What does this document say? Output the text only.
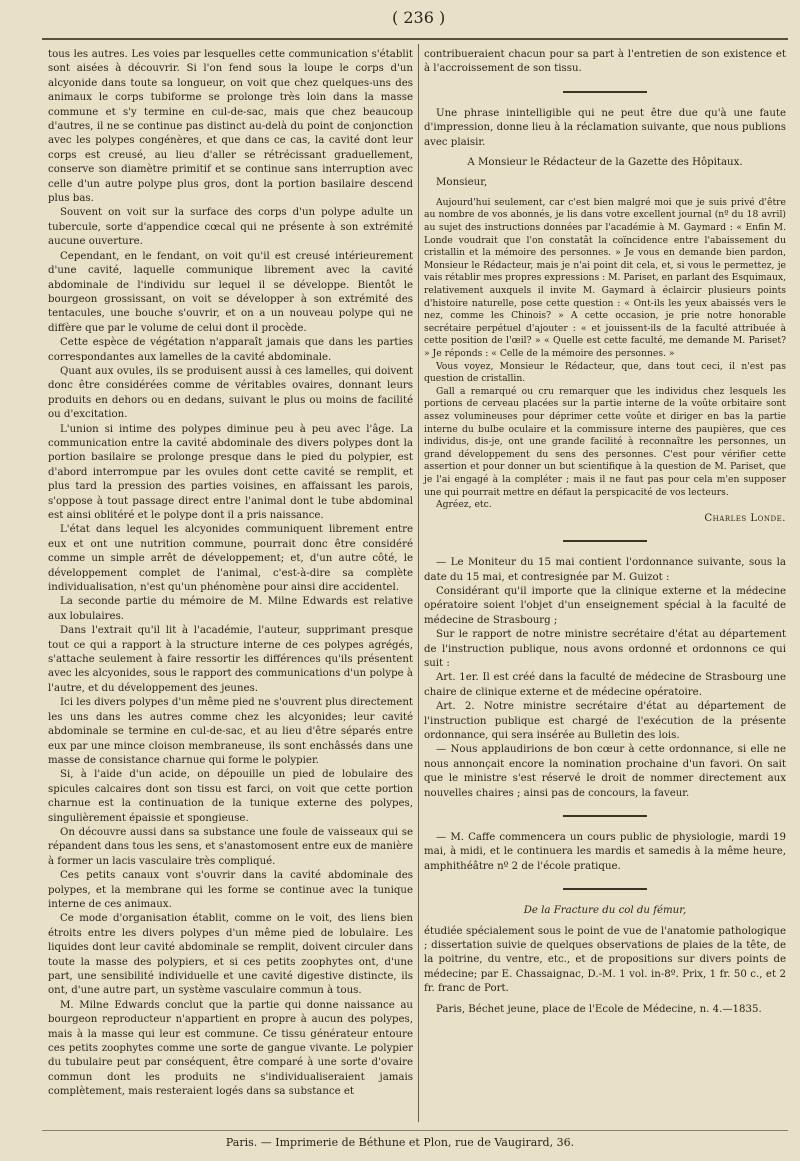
( 236 )

tous les autres. Les voies par lesquelles cette communication s'établit sont aisées à découvrir. Si l'on fend sous la loupe le corps d'un alcyonide dans toute sa longueur, on voit que chez quelques-uns des animaux le corps tubiforme se prolonge très loin dans la masse commune et s'y termine en cul-de-sac, mais que chez beaucoup d'autres, il ne se continue pas distinct au-delà du point de conjonction avec les polypes congénères, et que dans ce cas, la cavité dont leur corps est creusé, au lieu d'aller se rétrécissant graduellement, conserve son diamètre primitif et se continue sans interruption avec celle d'un autre polype plus gros, dont la portion basilaire descend plus bas.

Souvent on voit sur la surface des corps d'un polype adulte un tubercule, sorte d'appendice cœcal qui ne présente à son extrémité aucune ouverture.

Cependant, en le fendant, on voit qu'il est creusé intérieurement d'une cavité, laquelle communique librement avec la cavité abdominale de l'individu sur lequel il se développe. Bientôt le bourgeon grossissant, on voit se développer à son extrémité des tentacules, une bouche s'ouvrir, et on a un nouveau polype qui ne diffère que par le volume de celui dont il procède.

Cette espèce de végétation n'apparaît jamais que dans les parties correspondantes aux lamelles de la cavité abdominale.

Quant aux ovules, ils se produisent aussi à ces lamelles, qui doivent donc être considérées comme de véritables ovaires, donnant leurs produits en dehors ou en dedans, suivant le plus ou moins de facilité ou d'excitation.

L'union si intime des polypes diminue peu à peu avec l'âge. La communication entre la cavité abdominale des divers polypes dont la portion basilaire se prolonge presque dans le pied du polypier, est d'abord interrompue par les ovules dont cette cavité se remplit, et plus tard la pression des parties voisines, en affaissant les parois, s'oppose à tout passage direct entre l'animal dont le tube abdominal est ainsi oblitéré et le polype dont il a pris naissance.

L'état dans lequel les alcyonides communiquent librement entre eux et ont une nutrition commune, pourrait donc être considéré comme un simple arrêt de développement; et, d'un autre côté, le développement complet de l'animal, c'est-à-dire sa complète individualisation, n'est qu'un phénomène pour ainsi dire accidentel.

La seconde partie du mémoire de M. Milne Edwards est relative aux lobulaires.

Dans l'extrait qu'il lit à l'académie, l'auteur, supprimant presque tout ce qui a rapport à la structure interne de ces polypes agrégés, s'attache seulement à faire ressortir les différences qu'ils présentent avec les alcyonides, sous le rapport des communications d'un polype à l'autre, et du développement des jeunes.

Ici les divers polypes d'un même pied ne s'ouvrent plus directement les uns dans les autres comme chez les alcyonides; leur cavité abdominale se termine en cul-de-sac, et au lieu d'être séparés entre eux par une mince cloison membraneuse, ils sont enchâssés dans une masse de consistance charnue qui forme le polypier.

Si, à l'aide d'un acide, on dépouille un pied de lobulaire des spicules calcaires dont son tissu est farci, on voit que cette portion charnue est la continuation de la tunique externe des polypes, singulièrement épaissie et spongieuse.

On découvre aussi dans sa substance une foule de vaisseaux qui se répandent dans tous les sens, et s'anastomosent entre eux de manière à former un lacis vasculaire très compliqué.

Ces petits canaux vont s'ouvrir dans la cavité abdominale des polypes, et la membrane qui les forme se continue avec la tunique interne de ces animaux.

Ce mode d'organisation établit, comme on le voit, des liens bien étroits entre les divers polypes d'un même pied de lobulaire. Les liquides dont leur cavité abdominale se remplit, doivent circuler dans toute la masse des polypiers, et si ces petits zoophytes ont, d'une part, une sensibilité individuelle et une cavité digestive distincte, ils ont, d'une autre part, un système vasculaire commun à tous.

M. Milne Edwards conclut que la partie qui donne naissance au bourgeon reproducteur n'appartient en propre à aucun des polypes, mais à la masse qui leur est commune. Ce tissu générateur entoure ces petits zoophytes comme une sorte de gangue vivante. Le polypier du tubulaire peut par conséquent, être comparé à une sorte d'ovaire commun dont les produits ne s'individualiseraient jamais complètement, mais resteraient logés dans sa substance et

contribueraient chacun pour sa part à l'entretien de son existence et à l'accroissement de son tissu.

Une phrase inintelligible qui ne peut être due qu'à une faute d'impression, donne lieu à la réclamation suivante, que nous publions avec plaisir.

A Monsieur le Rédacteur de la Gazette des Hôpitaux.

Monsieur,

Aujourd'hui seulement, car c'est bien malgré moi que je suis privé d'être au nombre de vos abonnés, je lis dans votre excellent journal (nº du 18 avril) au sujet des instructions données par l'académie à M. Gaymard : « Enfin M. Londe voudrait que l'on constatât la coïncidence entre l'abaissement du cristallin et la mémoire des personnes. » Je vous en demande bien pardon, Monsieur le Rédacteur, mais je n'ai point dit cela, et, si vous le permettez, je vais rétablir mes propres expressions : M. Pariset, en parlant des Esquimaux, relativement auxquels il invite M. Gaymard à éclaircir plusieurs points d'histoire naturelle, pose cette question : « Ont-ils les yeux abaissés vers le nez, comme les Chinois? » A cette occasion, je prie notre honorable secrétaire perpétuel d'ajouter : « et jouissent-ils de la faculté attribuée à cette position de l'œil? » « Quelle est cette faculté, me demande M. Pariset? » Je réponds : « Celle de la mémoire des personnes. »

Vous voyez, Monsieur le Rédacteur, que, dans tout ceci, il n'est pas question de cristallin.

Gall a remarqué ou cru remarquer que les individus chez lesquels les portions de cerveau placées sur la partie interne de la voûte orbitaire sont assez volumineuses pour déprimer cette voûte et diriger en bas la partie interne du bulbe oculaire et la commissure interne des paupières, que ces individus, dis-je, ont une grande facilité à reconnaître les personnes, un grand développement du sens des personnes. C'est pour vérifier cette assertion et pour donner un but scientifique à la question de M. Pariset, que je l'ai engagé à la compléter ; mais il ne faut pas pour cela m'en supposer une qui pourrait mettre en défaut la perspicacité de vos lecteurs.

Agréez, etc.

Charles Londe.

— Le Moniteur du 15 mai contient l'ordonnance suivante, sous la date du 15 mai, et contresignée par M. Guizot :

Considérant qu'il importe que la clinique externe et la médecine opératoire soient l'objet d'un enseignement spécial à la faculté de médecine de Strasbourg ;

Sur le rapport de notre ministre secrétaire d'état au département de l'instruction publique, nous avons ordonné et ordonnons ce qui suit :

Art. 1er. Il est créé dans la faculté de médecine de Strasbourg une chaire de clinique externe et de médecine opératoire.

Art. 2. Notre ministre secrétaire d'état au département de l'instruction publique est chargé de l'exécution de la présente ordonnance, qui sera insérée au Bulletin des lois.

— Nous applaudirions de bon cœur à cette ordonnance, si elle ne nous annonçait encore la nomination prochaine d'un favori. On sait que le ministre s'est réservé le droit de nommer directement aux nouvelles chaires ; ainsi pas de concours, la faveur.

— M. Caffe commencera un cours public de physiologie, mardi 19 mai, à midi, et le continuera les mardis et samedis à la même heure, amphithéâtre nº 2 de l'école pratique.

De la Fracture du col du fémur,

étudiée spécialement sous le point de vue de l'anatomie pathologique ; dissertation suivie de quelques observations de plaies de la tête, de la poitrine, du ventre, etc., et de propositions sur divers points de médecine; par E. Chassaignac, D.-M. 1 vol. in-8º. Prix, 1 fr. 50 c., et 2 fr. franc de Port.

Paris, Béchet jeune, place de l'Ecole de Médecine, n. 4.—1835.

Paris. — Imprimerie de Béthune et Plon, rue de Vaugirard, 36.
